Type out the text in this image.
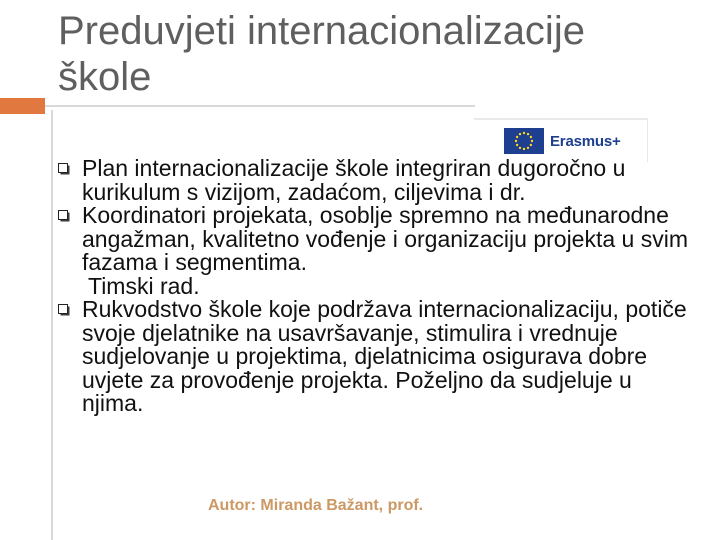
Preduvjeti internacionalizacije škole
Erasmus+

Plan internacionalizacije škole integriran dugoročno u kurikulum s vizijom, zadaćom, ciljevima i dr.

Koordinatori projekata, osoblje spremno na međunarodne angažman, kvalitetno vođenje i organizaciju projekta u svim fazama i segmentima.

Timski rad.

Rukvodstvo škole koje podržava internacionalizaciju, potiče svoje djelatnike na usavršavanje, stimulira i vrednuje sudjelovanje u projektima, djelatnicima osigurava dobre uvjete za provođenje projekta. Poželjno da sudjeluje u njima.

Autor: Miranda Bažant, prof.
